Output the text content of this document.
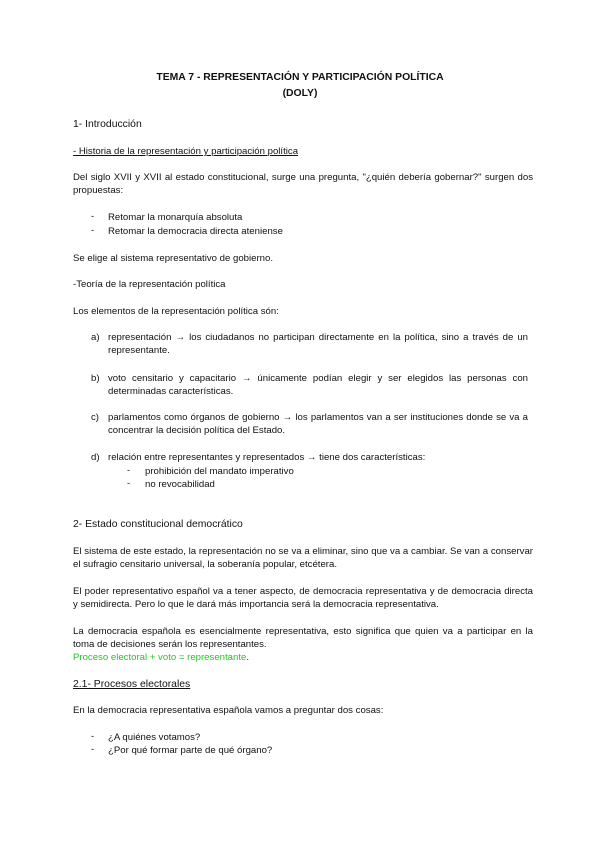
TEMA 7 - REPRESENTACIÓN Y PARTICIPACIÓN POLÍTICA
(DOLY)
1- Introducción
- Historia de la representación y participación política
Del siglo XVII y XVII al estado constitucional, surge una pregunta, "¿quién debería gobernar?" surgen dos propuestas:
-	Retomar la monarquía absoluta
-	Retomar la democracia directa ateniense
Se elige al sistema representativo de gobierno.
-Teoría de la representación política
Los elementos de la representación política són:
a) representación → los ciudadanos no participan directamente en la política, sino a través de un representante.
b) voto censitario y capacitario → únicamente podían elegir y ser elegidos las personas con determinadas características.
c) parlamentos como órganos de gobierno → los parlamentos van a ser instituciones donde se va a concentrar la decisión política del Estado.
d) relación entre representantes y representados → tiene dos características:
-	prohibición del mandato imperativo
-	no revocabilidad
2- Estado constitucional democrático
El sistema de este estado, la representación no se va a eliminar, sino que va a cambiar. Se van a conservar el sufragio censitario universal, la soberanía popular, etcétera.
El poder representativo español va a tener aspecto, de democracia representativa y de democracia directa y semidirecta. Pero lo que le dará más importancia será la democracia representativa.
La democracia española es esencialmente representativa, esto significa que quien va a participar en la toma de decisiones serán los representantes.
Proceso electoral + voto = representante.
2.1- Procesos electorales
En la democracia representativa española vamos a preguntar dos cosas:
-	¿A quiénes votamos?
-	¿Por qué formar parte de qué órgano?
